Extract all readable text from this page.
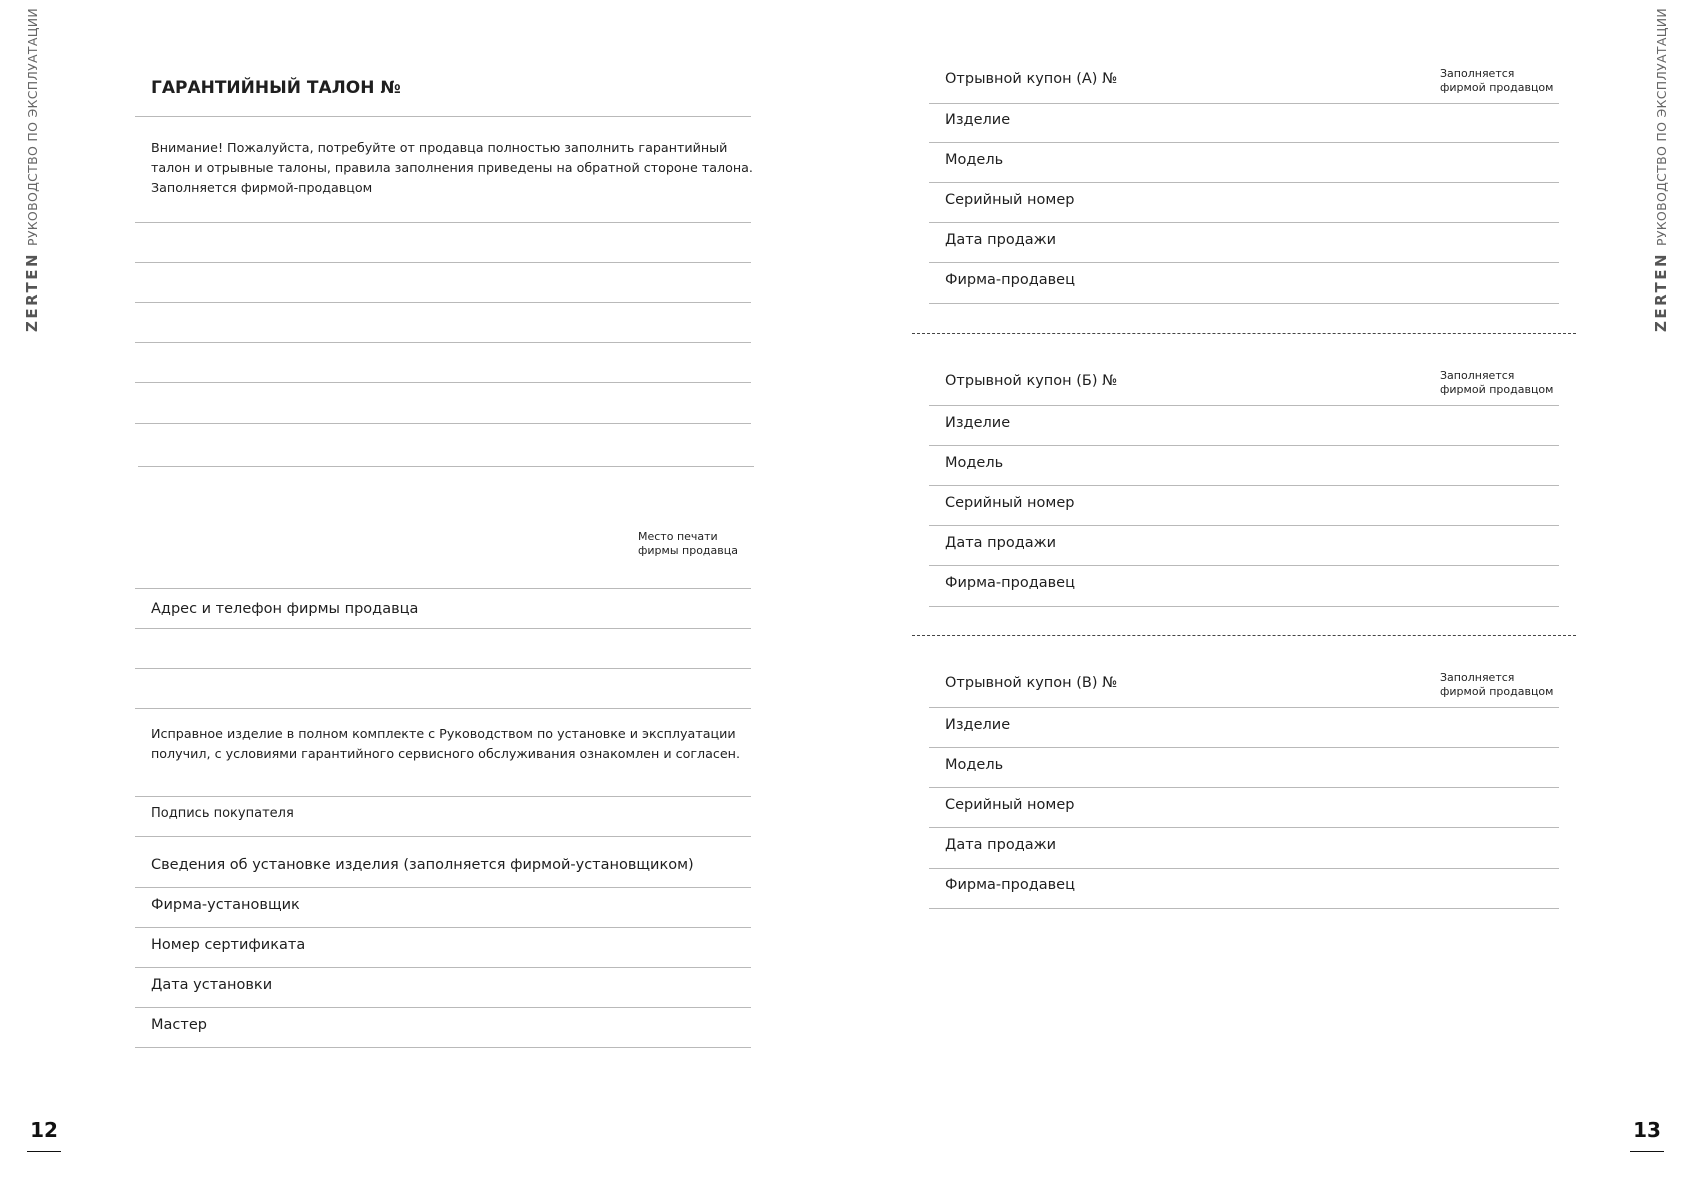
ZERTEN
РУКОВОДСТВО ПО ЭКСПЛУАТАЦИИ
ZERTEN
РУКОВОДСТВО ПО ЭКСПЛУАТАЦИИ
ГАРАНТИЙНЫЙ ТАЛОН №
Внимание! Пожалуйста, потребуйте от продавца полностью заполнить гарантийный
талон и отрывные талоны, правила заполнения приведены на обратной стороне талона.
Заполняется фирмой-продавцом
Место печати
фирмы продавца
Адрес и телефон фирмы продавца
Исправное изделие в полном комплекте с Руководством по установке и эксплуатации
получил, с условиями гарантийного сервисного обслуживания ознакомлен и согласен.
Подпись покупателя
Сведения об установке изделия (заполняется фирмой-установщиком)
Фирма-установщик
Номер сертификата
Дата установки
Мастер
12
Отрывной купон (А) №	Заполняется
фирмой продавцом
Изделие
Модель
Серийный номер
Дата продажи
Фирма-продавец
Отрывной купон (Б) №	Заполняется
фирмой продавцом
Изделие
Модель
Серийный номер
Дата продажи
Фирма-продавец
Отрывной купон (В) №	Заполняется
фирмой продавцом
Изделие
Модель
Серийный номер
Дата продажи
Фирма-продавец
13
